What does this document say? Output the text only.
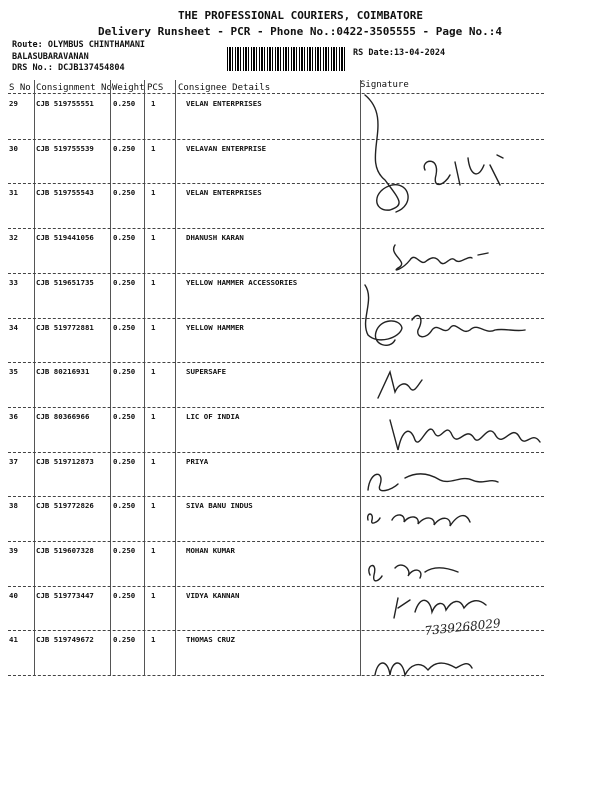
THE PROFESSIONAL COURIERS, COIMBATORE
Delivery Runsheet - PCR - Phone No.:0422-3505555 - Page No.:4
Route: OLYMBUS CHINTHAMANI
BALASUBARAVANAN
DRS No.: DCJB137454804
RS Date:13-04-2024
S No Consignment No Weight PCS Consignee Details	Signature
29 CJB 519755551	0.250 1	VELAN ENTERPRISES
30 CJB 519755539	0.250 1	VELAVAN ENTERPRISE
31 CJB 519755543	0.250 1	VELAN ENTERPRISES
32 CJB 519441056	0.250 1	DHANUSH KARAN
33 CJB 519651735	0.250 1	YELLOW HAMMER ACCESSORIES
34 CJB 519772881	0.250 1	YELLOW HAMMER
35 CJB 80216931	0.250 1	SUPERSAFE
36 CJB 80366966	0.250 1	LIC OF INDIA
37 CJB 519712873	0.250 1	PRIYA
38 CJB 519772826	0.250 1	SIVA BANU INDUS
39 CJB 519607328	0.250 1	MOHAN KUMAR
40 CJB 519773447	0.250 1	VIDYA KANNAN
41 CJB 519749672	0.250 1	THOMAS CRUZ
7339268029
